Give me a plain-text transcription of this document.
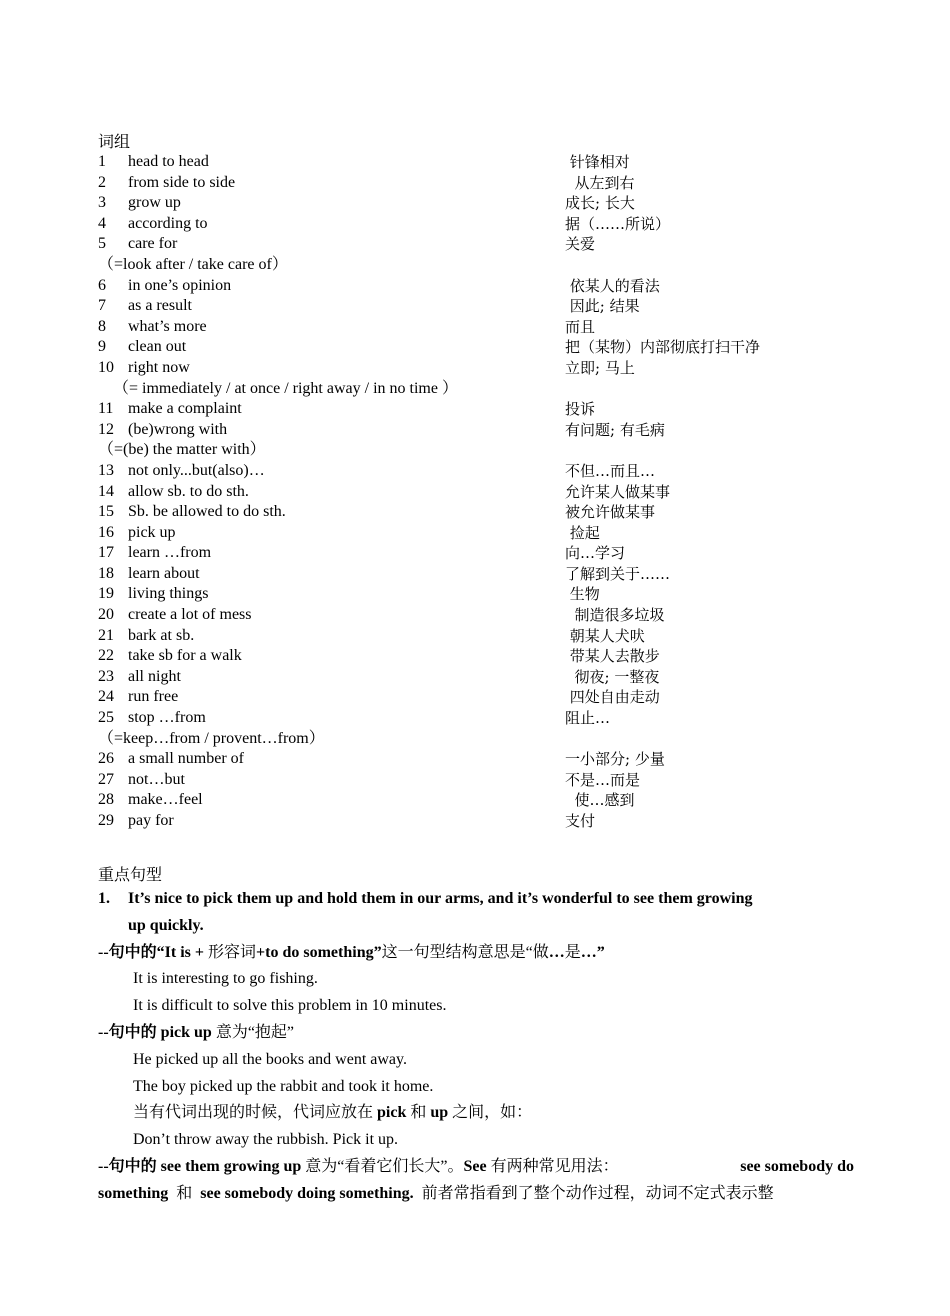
词组
1 head to head	针锋相对
2 from side to side	从左到右
3 grow up	成长; 长大
4 according to	据（……所说）
5 care for	关爱
（=look after / take care of）
6 in one’s opinion	依某人的看法
7 as a result	因此; 结果
8 what’s more	而且
9 clean out	把（某物）内部彻底打扫干净
10 right now	立即; 马上
（= immediately / at once / right away / in no time ）
11 make a complaint	投诉
12 (be)wrong with	有问题; 有毛病
（=(be) the matter with）
13 not only...but(also)…	不但…而且…
14 allow sb. to do sth.	允许某人做某事
15 Sb. be allowed to do sth.	被允许做某事
16 pick up	捡起
17 learn …from	向…学习
18 learn about	了解到关于……
19 living things	生物
20 create a lot of mess	制造很多垃圾
21 bark at sb.	朝某人犬吠
22 take sb for a walk	带某人去散步
23 all night	彻夜; 一整夜
24 run free	四处自由走动
25 stop …from	阻止…
（=keep…from / provent…from）
26 a small number of	一小部分; 少量
27 not…but	不是…而是
28 make…feel	使…感到
29 pay for	支付
重点句型
1. It’s nice to pick them up and hold them in our arms, and it’s wonderful to see them growing
up quickly.
--句中的“It is + 形容词+to do something”这一句型结构意思是“做…是…”
It is interesting to go fishing.
It is difficult to solve this problem in 10 minutes.
--句中的 pick up 意为“抱起”
He picked up all the books and went away.
The boy picked up the rabbit and took it home.
当有代词出现的时候，代词应放在 pick 和 up 之间，如：
Don’t throw away the rubbish. Pick it up.
--句中的 see them growing up 意为“看着它们长大”。See 有两种常见用法：	see somebody do
something  和  see somebody doing something.  前者常指看到了整个动作过程，动词不定式表示整
